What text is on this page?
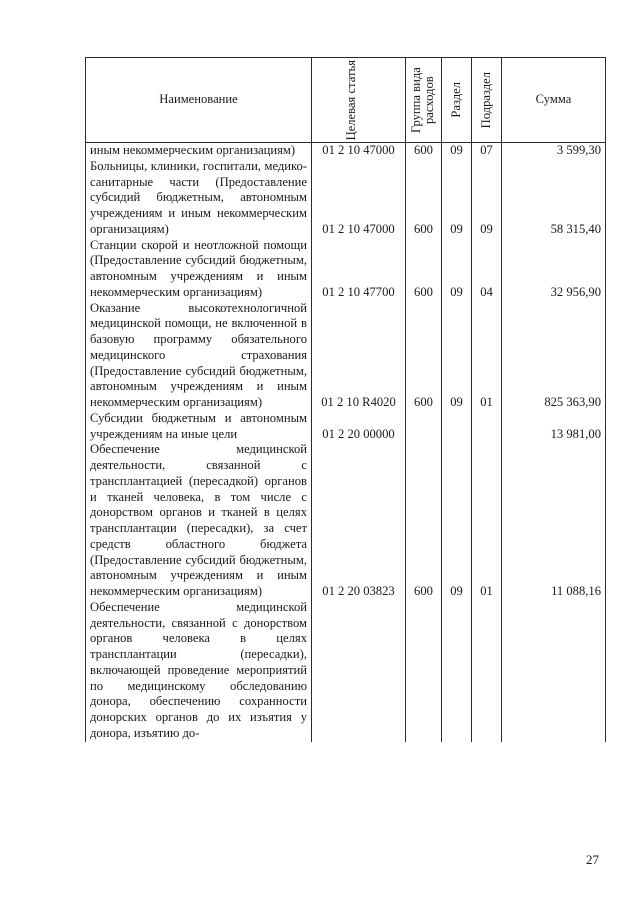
Наименование	Целевая статья	Группа вида расходов	Раздел	Подраздел	Сумма
иным некоммерческим организациям)	01 2 10 47000	600	09	07	3 599,30
Больницы, клиники, госпитали, медико-санитарные части (Предоставление субсидий бюджетным, автономным учреждениям и иным некоммерческим организациям)	01 2 10 47000	600	09	09	58 315,40
Станции скорой и неотложной помощи (Предоставление субсидий бюджетным, автономным учреждениям и иным некоммерческим организациям)	01 2 10 47700	600	09	04	32 956,90
Оказание высокотехнологичной медицинской помощи, не включенной в базовую программу обязательного медицинского страхования (Предоставление субсидий бюджетным, автономным учреждениям и иным некоммерческим организациям)	01 2 10 R4020	600	09	01	825 363,90
Субсидии бюджетным и автономным учреждениям на иные цели	01 2 20 00000				13 981,00
Обеспечение медицинской деятельности, связанной с трансплантацией (пересадкой) органов и тканей человека, в том числе с донорством органов и тканей в целях трансплантации (пересадки), за счет средств областного бюджета (Предоставление субсидий бюджетным, автономным учреждениям и иным некоммерческим организациям)	01 2 20 03823	600	09	01	11 088,16
Обеспечение медицинской деятельности, связанной с донорством органов человека в целях трансплантации (пересадки), включающей проведение мероприятий по медицинскому обследованию донора, обеспечению сохранности донорских органов до их изъятия у донора, изъятию до-					
27
